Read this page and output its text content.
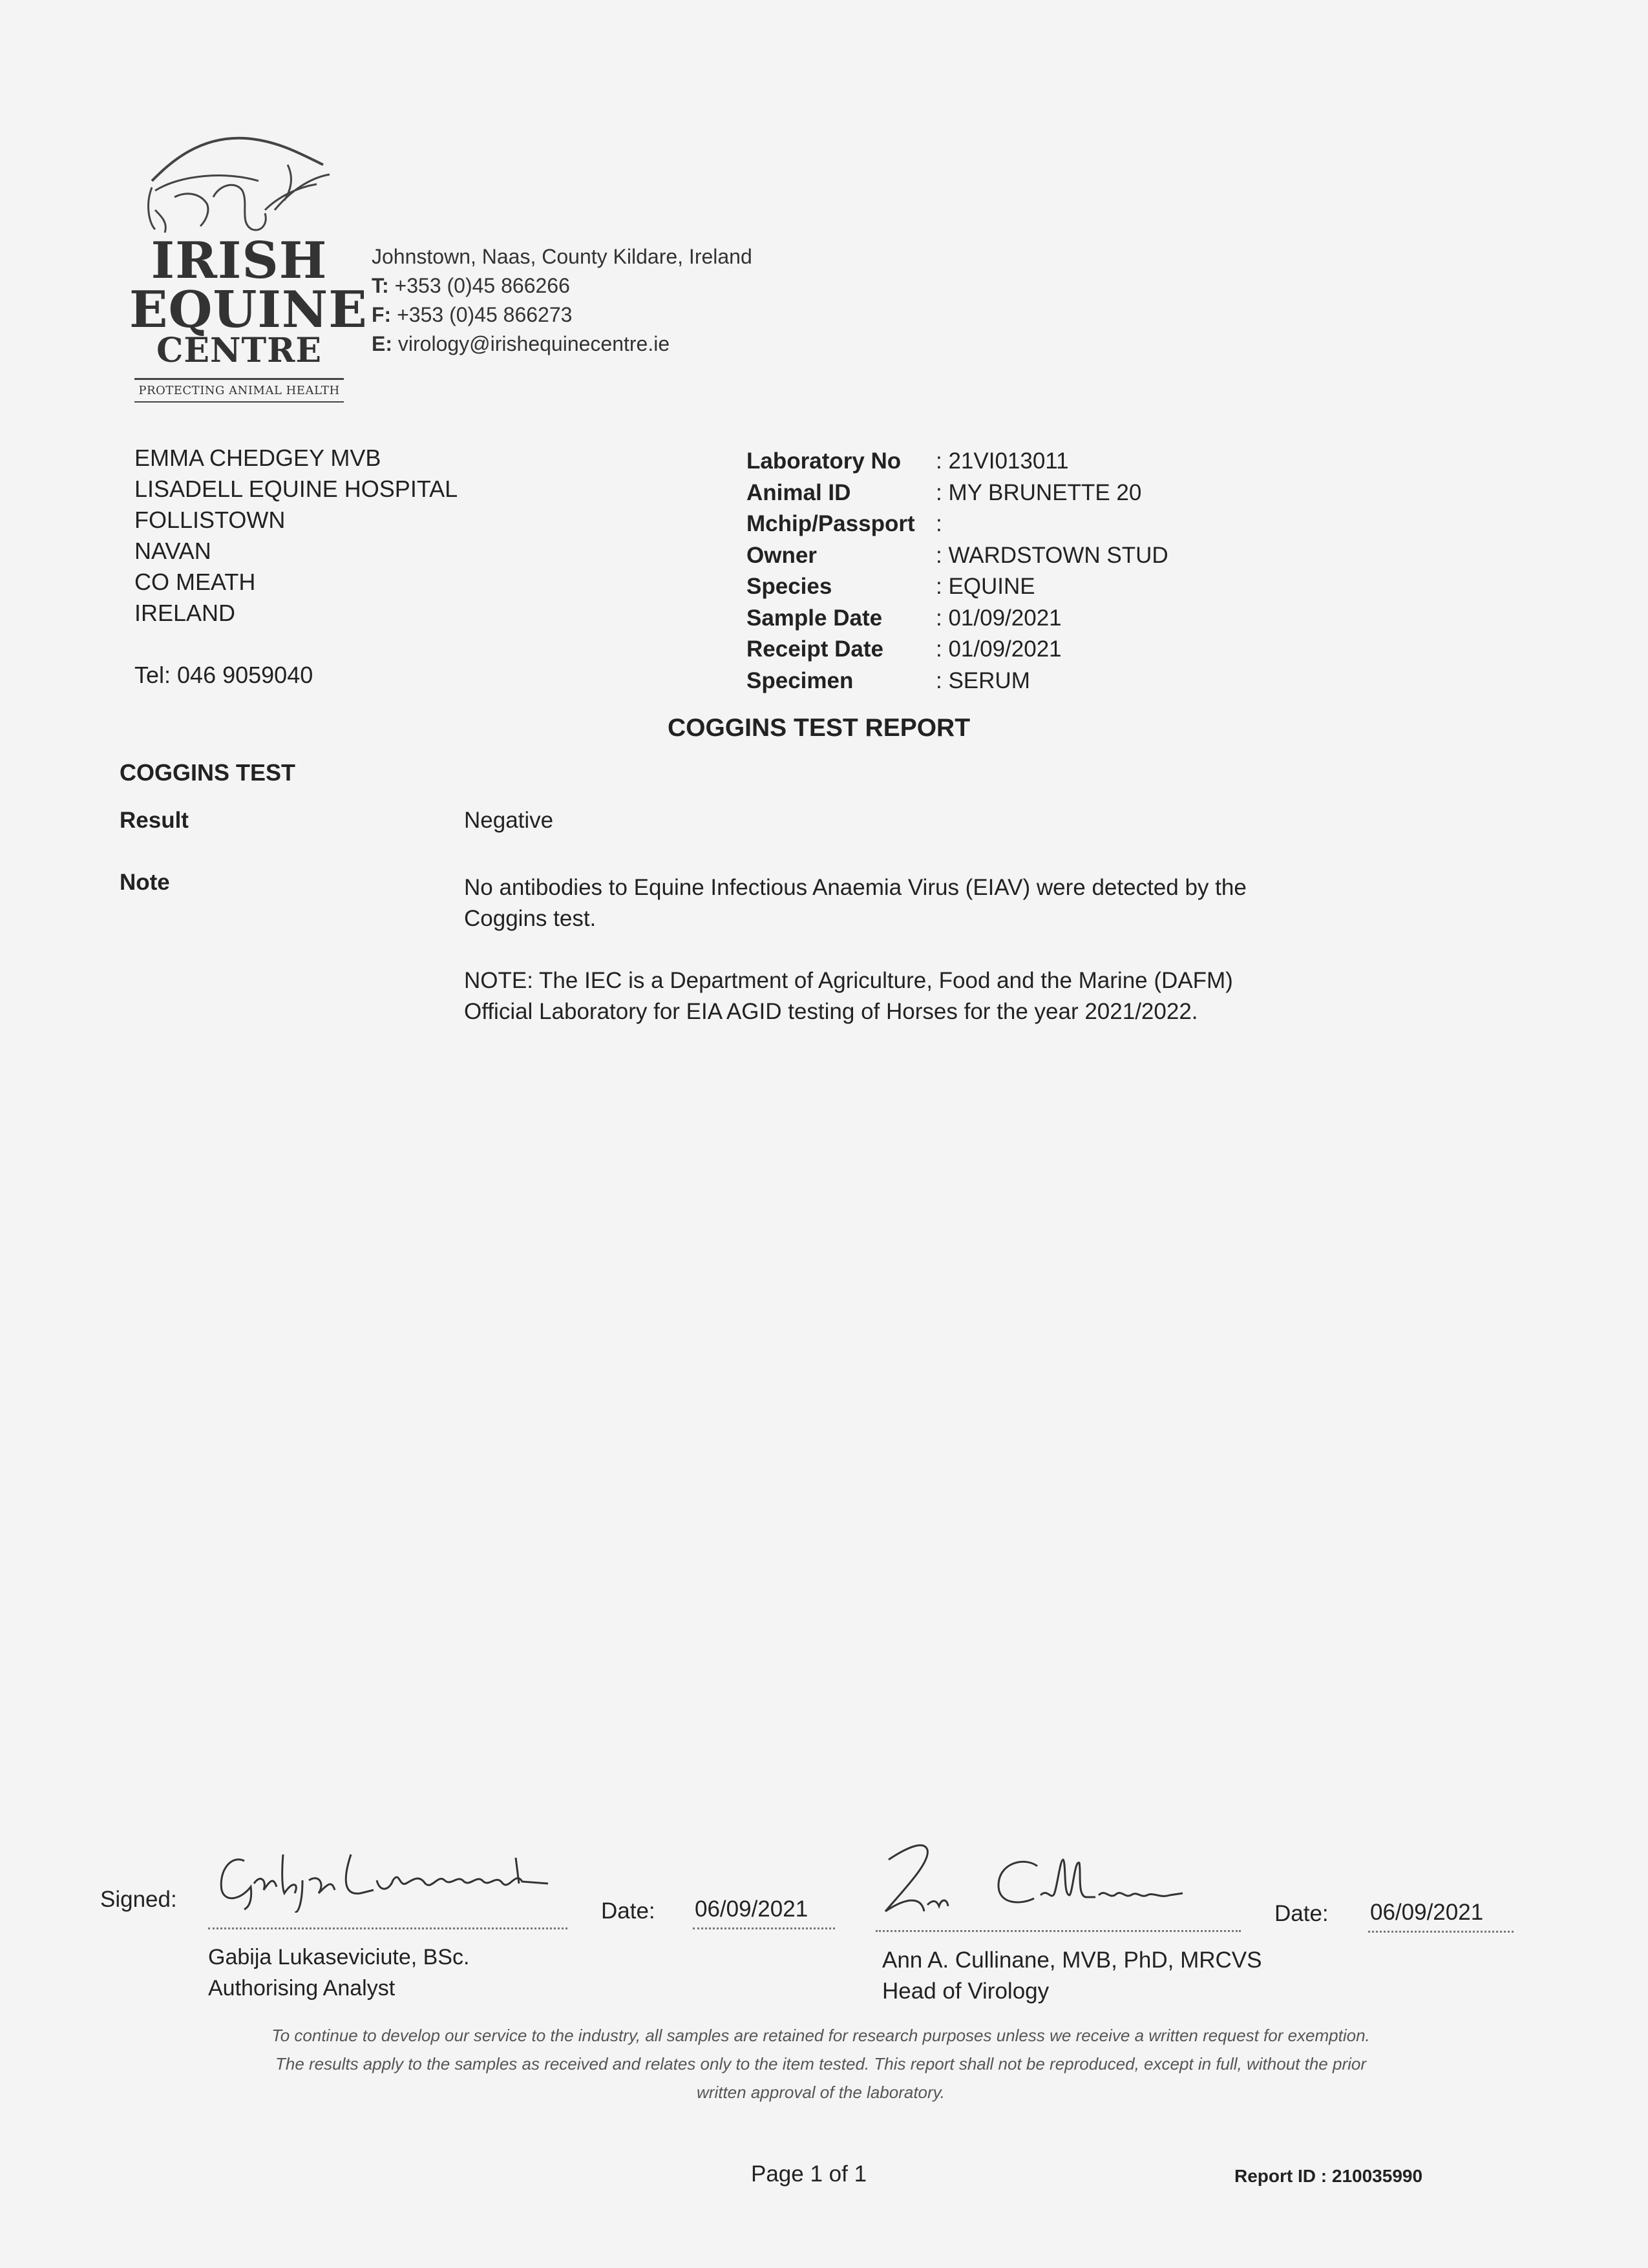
IRISH
EQUINE
CENTRE
PROTECTING ANIMAL HEALTH
Johnstown, Naas, County Kildare, Ireland
T: +353 (0)45 866266
F: +353 (0)45 866273
E: virology@irishequinecentre.ie
EMMA CHEDGEY MVB
LISADELL EQUINE HOSPITAL
FOLLISTOWN
NAVAN
CO MEATH
IRELAND
Tel: 046 9059040
Laboratory No	: 21VI013011
Animal ID	: MY BRUNETTE 20
Mchip/Passport :
Owner	: WARDSTOWN STUD
Species	: EQUINE
Sample Date	: 01/09/2021
Receipt Date	: 01/09/2021
Specimen	: SERUM
COGGINS TEST REPORT
COGGINS TEST
Result	Negative
Note	No antibodies to Equine Infectious Anaemia Virus (EIAV) were detected by the Coggins test.

NOTE: The IEC is a Department of Agriculture, Food and the Marine (DAFM) Official Laboratory for EIA AGID testing of Horses for the year 2021/2022.

Signed:	Date: 06/09/2021	Date: 06/09/2021
Gabija Lukaseviciute, BSc.
Authorising Analyst
Ann A. Cullinane, MVB, PhD, MRCVS
Head of Virology
To continue to develop our service to the industry, all samples are retained for research purposes unless we receive a written request for exemption.
The results apply to the samples as received and relates only to the item tested. This report shall not be reproduced, except in full, without the prior
written approval of the laboratory.
Page 1 of 1	Report ID : 210035990
